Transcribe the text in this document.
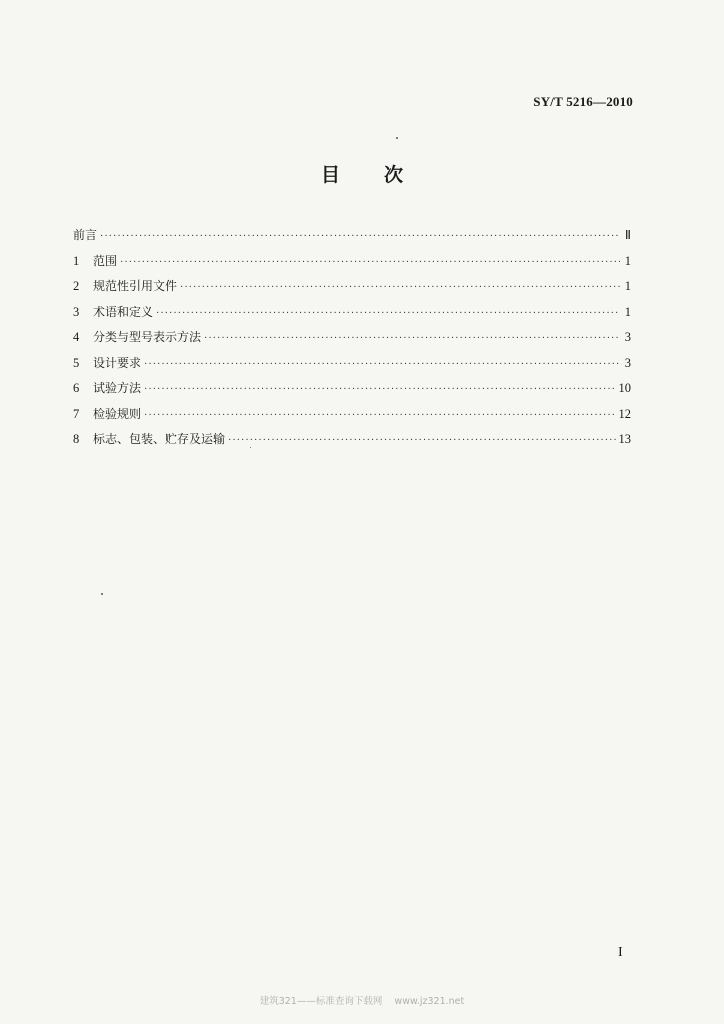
SY/T 5216—2010
目 次
前言 ·····	Ⅱ
1	范围 ·····	1
2	规范性引用文件 ·····	1
3	术语和定义 ·····	1
4	分类与型号表示方法 ·····	3
5	设计要求 ·····	3
6	试验方法 ·····	10
7	检验规则 ·····	12
8	标志、包装、贮存及运输 ·····	13
I
建筑321——标准查询下载网    www.jz321.net
